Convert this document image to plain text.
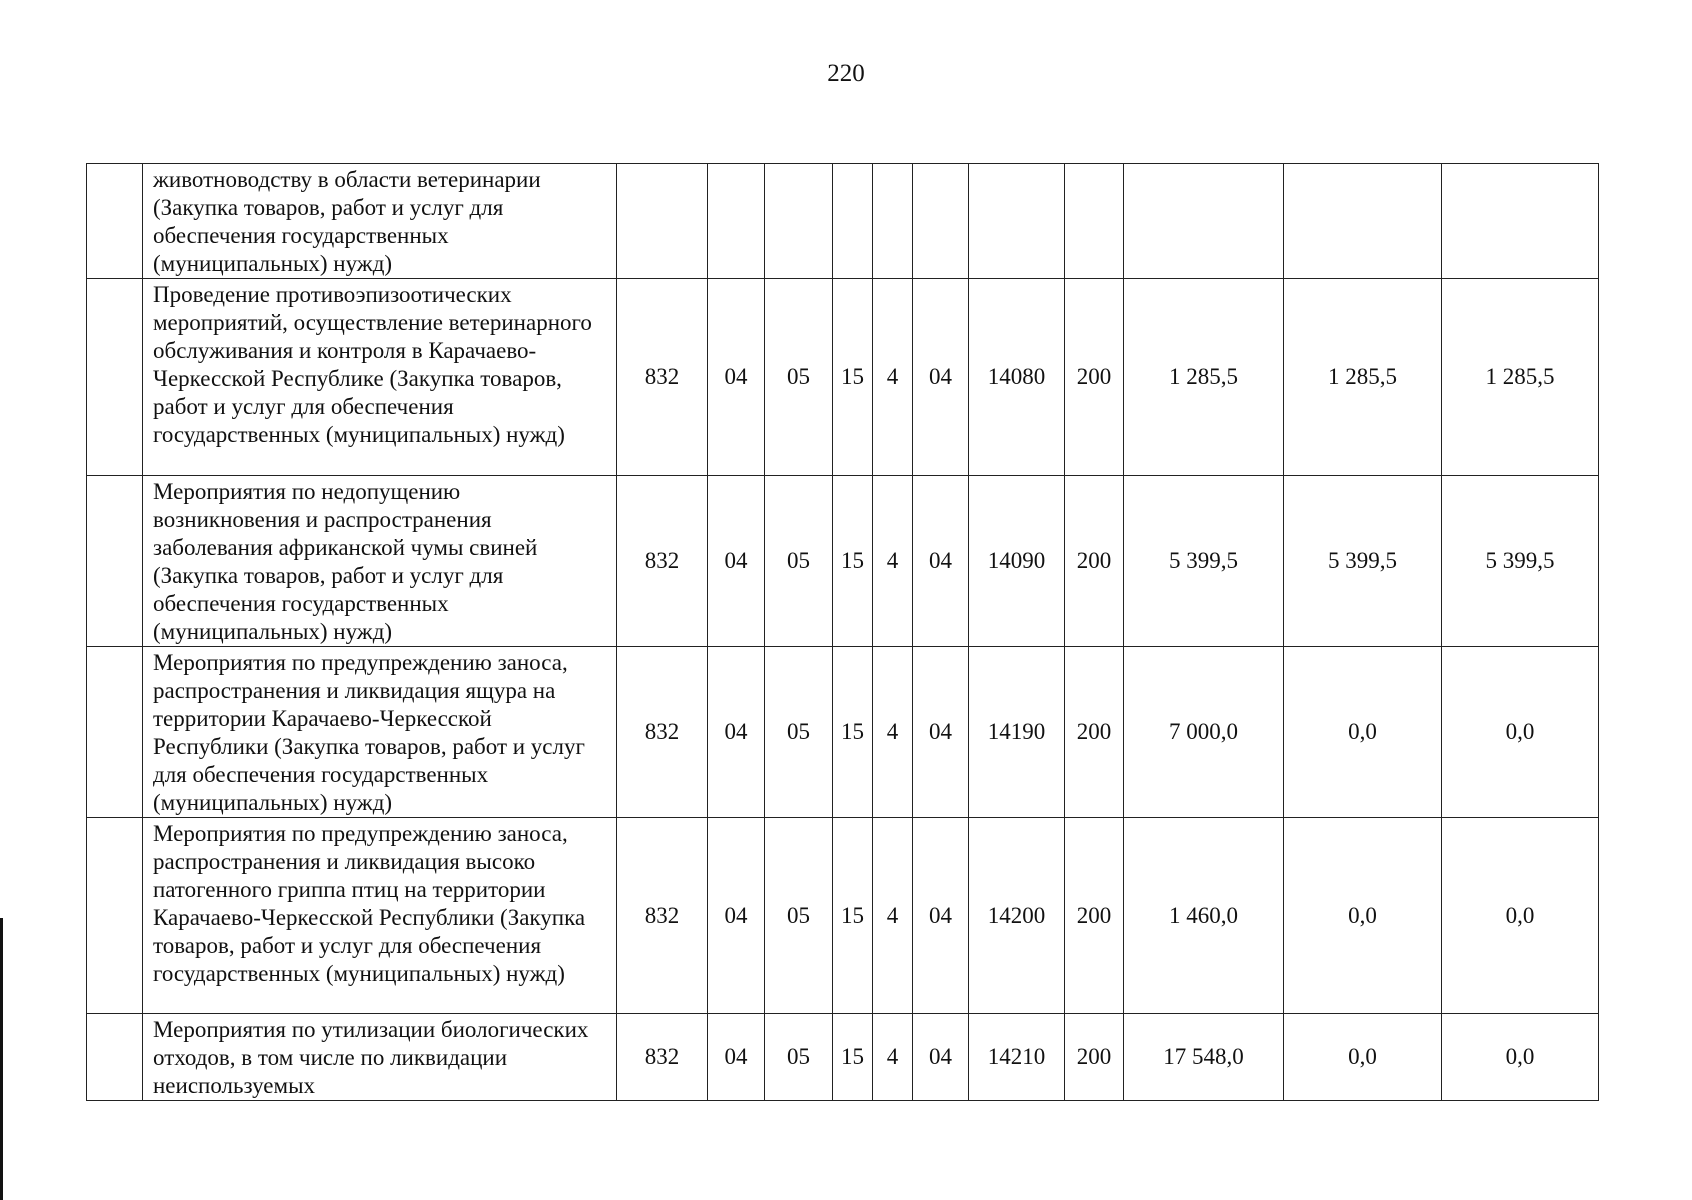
220
	животноводству в области ветеринарии (Закупка товаров, работ и услуг для обеспечения государственных (муниципальных) нужд)											
	Проведение противоэпизоотических мероприятий, осуществление ветеринарного обслуживания и контроля в Карачаево-Черкесской Республике (Закупка товаров, работ и услуг для обеспечения государственных (муниципальных) нужд)	832	04	05	15	4	04	14080	200	1 285,5	1 285,5	1 285,5
	Мероприятия по недопущению возникновения и распространения заболевания африканской чумы свиней (Закупка товаров, работ и услуг для обеспечения государственных (муниципальных) нужд)	832	04	05	15	4	04	14090	200	5 399,5	5 399,5	5 399,5
	Мероприятия по предупреждению заноса, распространения и ликвидация ящура на территории Карачаево-Черкесской Республики (Закупка товаров, работ и услуг для обеспечения государственных (муниципальных) нужд)	832	04	05	15	4	04	14190	200	7 000,0	0,0	0,0
	Мероприятия по предупреждению заноса, распространения и ликвидация высоко патогенного гриппа птиц на территории Карачаево-Черкесской Республики (Закупка товаров, работ и услуг для обеспечения государственных (муниципальных) нужд)	832	04	05	15	4	04	14200	200	1 460,0	0,0	0,0
	Мероприятия по утилизации биологических отходов, в том числе по ликвидации неиспользуемых	832	04	05	15	4	04	14210	200	17 548,0	0,0	0,0
